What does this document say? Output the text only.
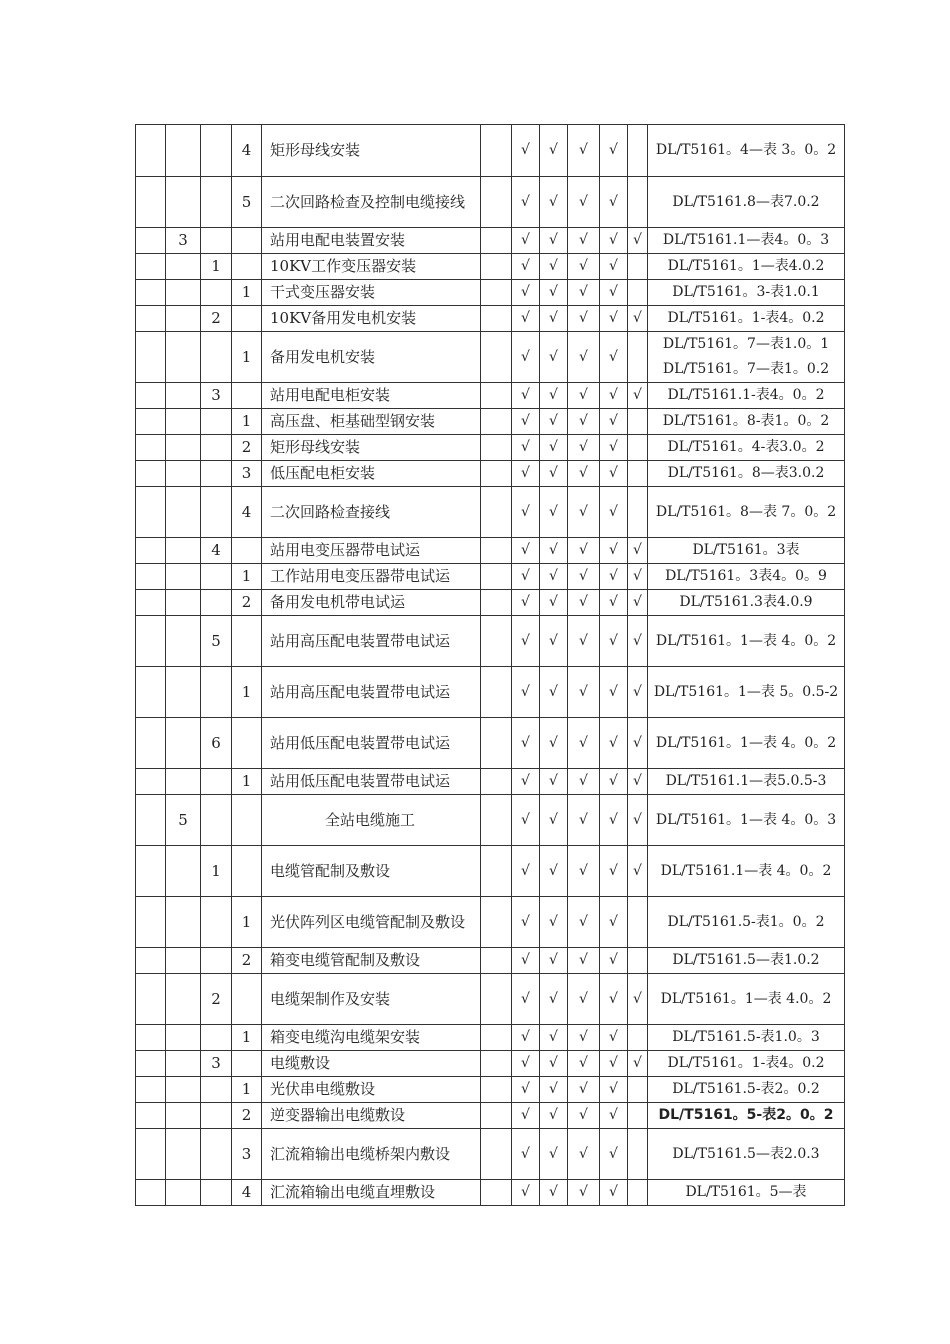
			4	矩形母线安装		√	√	√	√		DL/T5161。4—表 3。0。2
			5	二次回路检查及控制电缆接线		√	√	√	√		DL/T5161.8—表7.0.2
	3			站用电配电装置安装		√	√	√	√	√	DL/T5161.1—表4。0。3
		1		10KV工作变压器安装		√	√	√	√		DL/T5161。1—表4.0.2
			1	干式变压器安装		√	√	√	√		DL/T5161。3-表1.0.1
		2		10KV备用发电机安装		√	√	√	√	√	DL/T5161。1-表4。0.2
			1	备用发电机安装		√	√	√	√		DL/T5161。7—表1.0。1 DL/T5161。7—表1。0.2
		3		站用电配电柜安装		√	√	√	√	√	DL/T5161.1-表4。0。2
			1	高压盘、柜基础型钢安装		√	√	√	√		DL/T5161。8-表1。0。2
			2	矩形母线安装		√	√	√	√		DL/T5161。4-表3.0。2
			3	低压配电柜安装		√	√	√	√		DL/T5161。8—表3.0.2
			4	二次回路检查接线		√	√	√	√		DL/T5161。8—表 7。0。2
		4		站用电变压器带电试运		√	√	√	√	√	DL/T5161。3表
			1	工作站用电变压器带电试运		√	√	√	√	√	DL/T5161。3表4。0。9
			2	备用发电机带电试运		√	√	√	√	√	DL/T5161.3表4.0.9
		5		站用高压配电装置带电试运		√	√	√	√	√	DL/T5161。1—表 4。0。2
			1	站用高压配电装置带电试运		√	√	√	√	√	DL/T5161。1—表 5。0.5-2
		6		站用低压配电装置带电试运		√	√	√	√	√	DL/T5161。1—表 4。0。2
			1	站用低压配电装置带电试运		√	√	√	√	√	DL/T5161.1—表5.0.5-3
	5			全站电缆施工		√	√	√	√	√	DL/T5161。1—表 4。0。3
		1		电缆管配制及敷设		√	√	√	√	√	DL/T5161.1—表 4。0。2
			1	光伏阵列区电缆管配制及敷设		√	√	√	√		DL/T5161.5-表1。0。2
			2	箱变电缆管配制及敷设		√	√	√	√		DL/T5161.5—表1.0.2
		2		电缆架制作及安装		√	√	√	√	√	DL/T5161。1—表 4.0。2
			1	箱变电缆沟电缆架安装		√	√	√	√		DL/T5161.5-表1.0。3
		3		电缆敷设		√	√	√	√	√	DL/T5161。1-表4。0.2
			1	光伏串电缆敷设		√	√	√	√		DL/T5161.5-表2。0.2
			2	逆变器输出电缆敷设		√	√	√	√		DL/T5161。5-表2。0。2
			3	汇流箱输出电缆桥架内敷设		√	√	√	√		DL/T5161.5—表2.0.3
			4	汇流箱输出电缆直埋敷设		√	√	√	√		DL/T5161。5—表
